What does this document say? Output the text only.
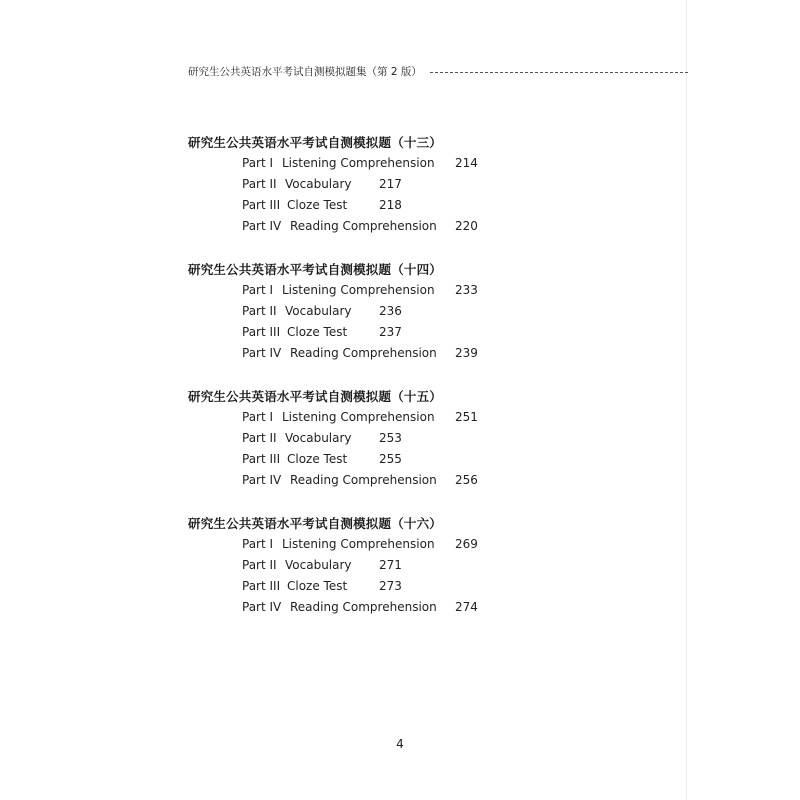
研究生公共英语水平考试自测模拟题集（第 2 版）
研究生公共英语水平考试自测模拟题（十三）
Part I Listening Comprehension 214
Part II Vocabulary 217
Part III Cloze Test	218
Part IV Reading Comprehension 220
研究生公共英语水平考试自测模拟题（十四）
Part I Listening Comprehension 233
Part II Vocabulary 236
Part III Cloze Test	237
Part IV Reading Comprehension 239
研究生公共英语水平考试自测模拟题（十五）
Part I Listening Comprehension 251
Part II Vocabulary 253
Part III Cloze Test	255
Part IV Reading Comprehension 256
研究生公共英语水平考试自测模拟题（十六）
Part I Listening Comprehension 269
Part II Vocabulary 271
Part III Cloze Test	273
Part IV Reading Comprehension 274
4
